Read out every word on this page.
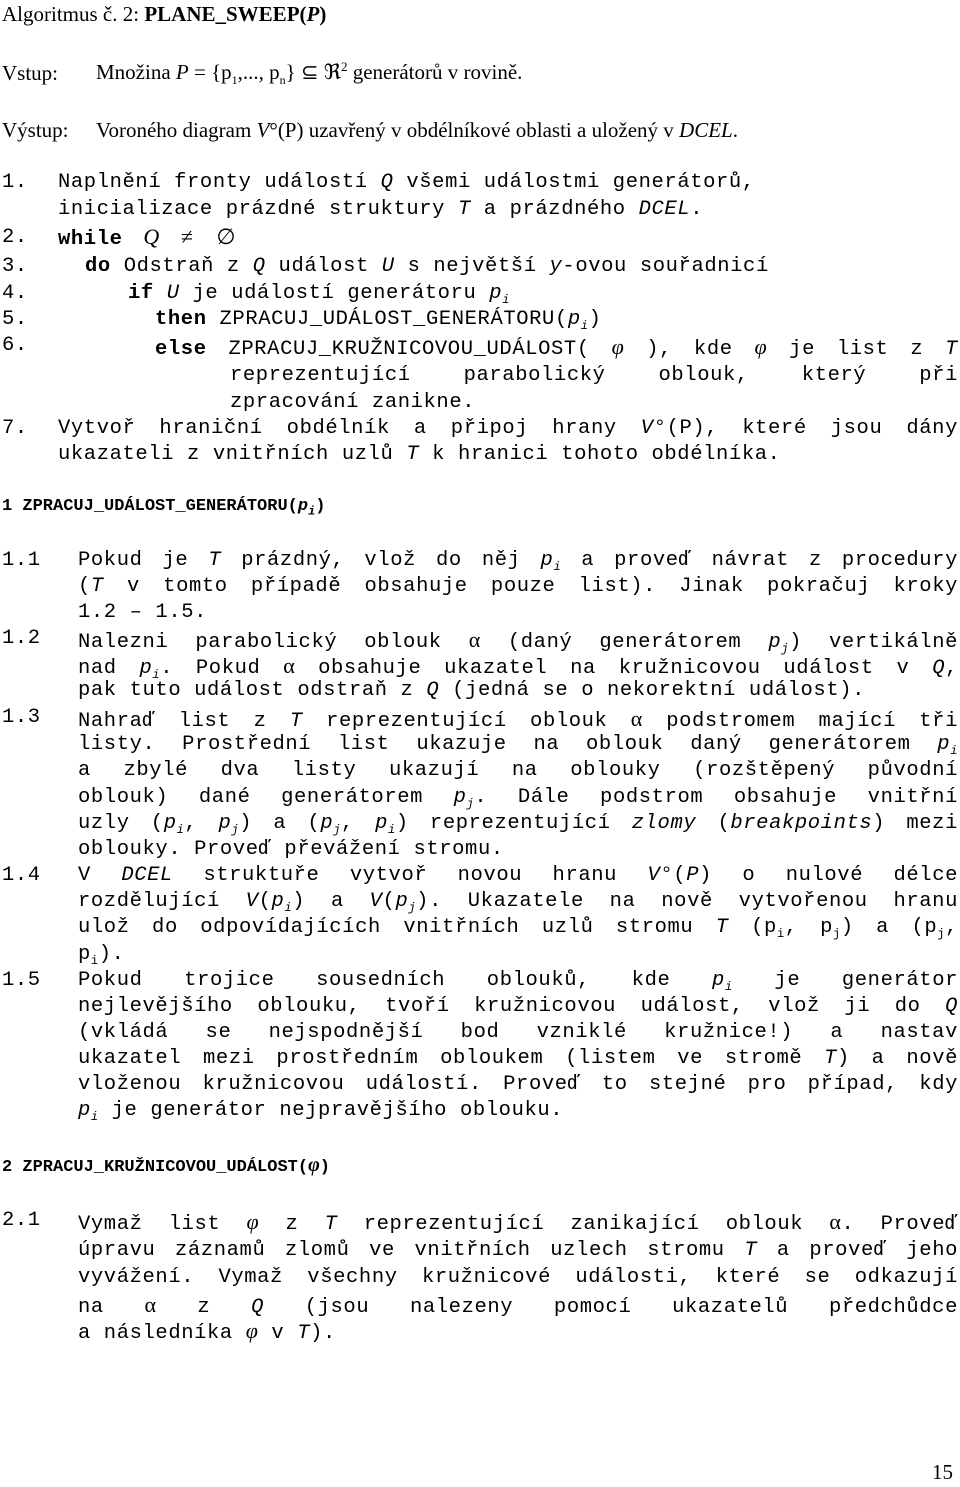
Algoritmus č. 2: PLANE_SWEEP(P)
Vstup: Množina $P = \{p_1$,..., $p_n$} ⊆ ℜ$^2$ generátorů v rovině.
Výstup: Voroného diagram V°(P) uzavřený v obdélníkové oblasti a uložený v DCEL.
1. Naplnění fronty událostí Q všemi událostmi generátorů,
inicializace prázdné struktury T a prázdného DCEL.
2. while Q ≠ ∅
3.	do Odstraň z Q událost U s největší y-ovou souřadnicí
4.	if U je událostí generátoru $p_i$
5.	then $ZPRACUJ\_UDÁLOST\_GENERÁTORU(p_i)$
6.	else ZPRACUJ_KRUŽNICOVOU_UDÁLOST( φ ), kde φ je list z T
reprezentující parabolický oblouk, který při
zpracování zanikne.
7. Vytvoř hraniční obdélník a připoj hrany V°(P), které jsou dány
ukazateli z vnitřních uzlů T k hranici tohoto obdélníka.
1 $ZPRACUJ\_UDÁLOST\_GENERÁTORU(p_i)$
1.1 Pokud je T prázdný, vlož do něj $p_i$ a proveď návrat z procedury
(T v tomto případě obsahuje pouze list). Jinak pokračuj kroky
1.2 – 1.5.
1.2 Nalezni parabolický oblouk α (daný generátorem $p_j$) vertikálně
nad $p_i$. Pokud α obsahuje ukazatel na kružnicovou událost v Q,
pak tuto událost odstraň z Q (jedná se o nekorektní událost).
1.3 Nahraď list z T reprezentující oblouk α podstromem mající tři
listy. Prostřední list ukazuje na oblouk daný generátorem $p_i$
a zbylé dva listy ukazují na oblouky (rozštěpený původní
oblouk) dané generátorem $p_j$. Dále podstrom obsahuje vnitřní
uzly ($p_i$, $p_j$) a ($p_j$, $p_i$) reprezentující zlomy (breakpoints) mezi
oblouky. Proveď převážení stromu.
1.4 V DCEL struktuře vytvoř novou hranu V°(P) o nulové délce
rozdělující $V(p_i)$ a $V(p_j)$. Ukazatele na nově vytvořenou hranu
ulož do odpovídajících vnitřních uzlů stromu T ($p_i$, $p_j$) a ($p_j$,
$p_i$).
1.5 Pokud trojice sousedních oblouků, kde $p_i$ je generátor
nejlevějšího oblouku, tvoří kružnicovou událost, vlož ji do Q
(vkládá se nejspodnější bod vzniklé kružnice!) a nastav
ukazatel mezi prostředním obloukem (listem ve stromě T) a nově
vloženou kružnicovou událostí. Proveď to stejné pro případ, kdy
$p_i$ je generátor nejpravějšího oblouku.
2 ZPRACUJ_KRUŽNICOVOU_UDÁLOST(φ)
2.1 Vymaž list φ z T reprezentující zanikající oblouk α. Proveď
úpravu záznamů zlomů ve vnitřních uzlech stromu T a proveď jeho
vyvážení. Vymaž všechny kružnicové události, které se odkazují
na α z Q (jsou nalezeny pomocí ukazatelů předchůdce
a následníka φ v T).
15
